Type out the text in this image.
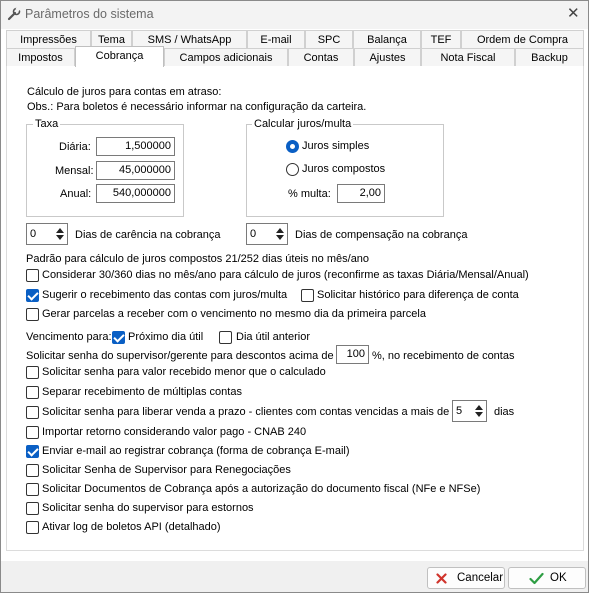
Parâmetros do sistema	✕
Impressões	Tema	SMS / WhatsApp	E-mail	SPC	Balança	TEF	Ordem de Compra
Impostos	Cobrança	Campos adicionais	Contas	Ajustes	Nota Fiscal	Backup
Cálculo de juros para contas em atraso:
Obs.: Para boletos é necessário informar na configuração da carteira.
Taxa
Diária:	1,500000
Mensal:	45,000000
Anual:	540,000000
Calcular juros/multa
Juros simples
Juros compostos
% multa:	2,00
0	Dias de carência na cobrança	0	Dias de compensação na cobrança
Padrão para cálculo de juros compostos 21/252 dias úteis no mês/ano
Considerar 30/360 dias no mês/ano para cálculo de juros (reconfirme as taxas Diária/Mensal/Anual)
Sugerir o recebimento das contas com juros/multa	Solicitar histórico para diferença de conta
Gerar parcelas a receber com o vencimento no mesmo dia da primeira parcela
Vencimento para: Próximo dia útil	Dia útil anterior
Solicitar senha do supervisor/gerente para descontos acima de	100 %, no recebimento de contas
Solicitar senha para valor recebido menor que o calculado
Separar recebimento de múltiplas contas
Solicitar senha para liberar venda a prazo - clientes com contas vencidas a mais de 5	dias
Importar retorno considerando valor pago - CNAB 240
Enviar e-mail ao registrar cobrança (forma de cobrança E-mail)
Solicitar Senha de Supervisor para Renegociações
Solicitar Documentos de Cobrança após a autorização do documento fiscal (NFe e NFSe)
Solicitar senha do supervisor para estornos
Ativar log de boletos API (detalhado)
Cancelar	OK
